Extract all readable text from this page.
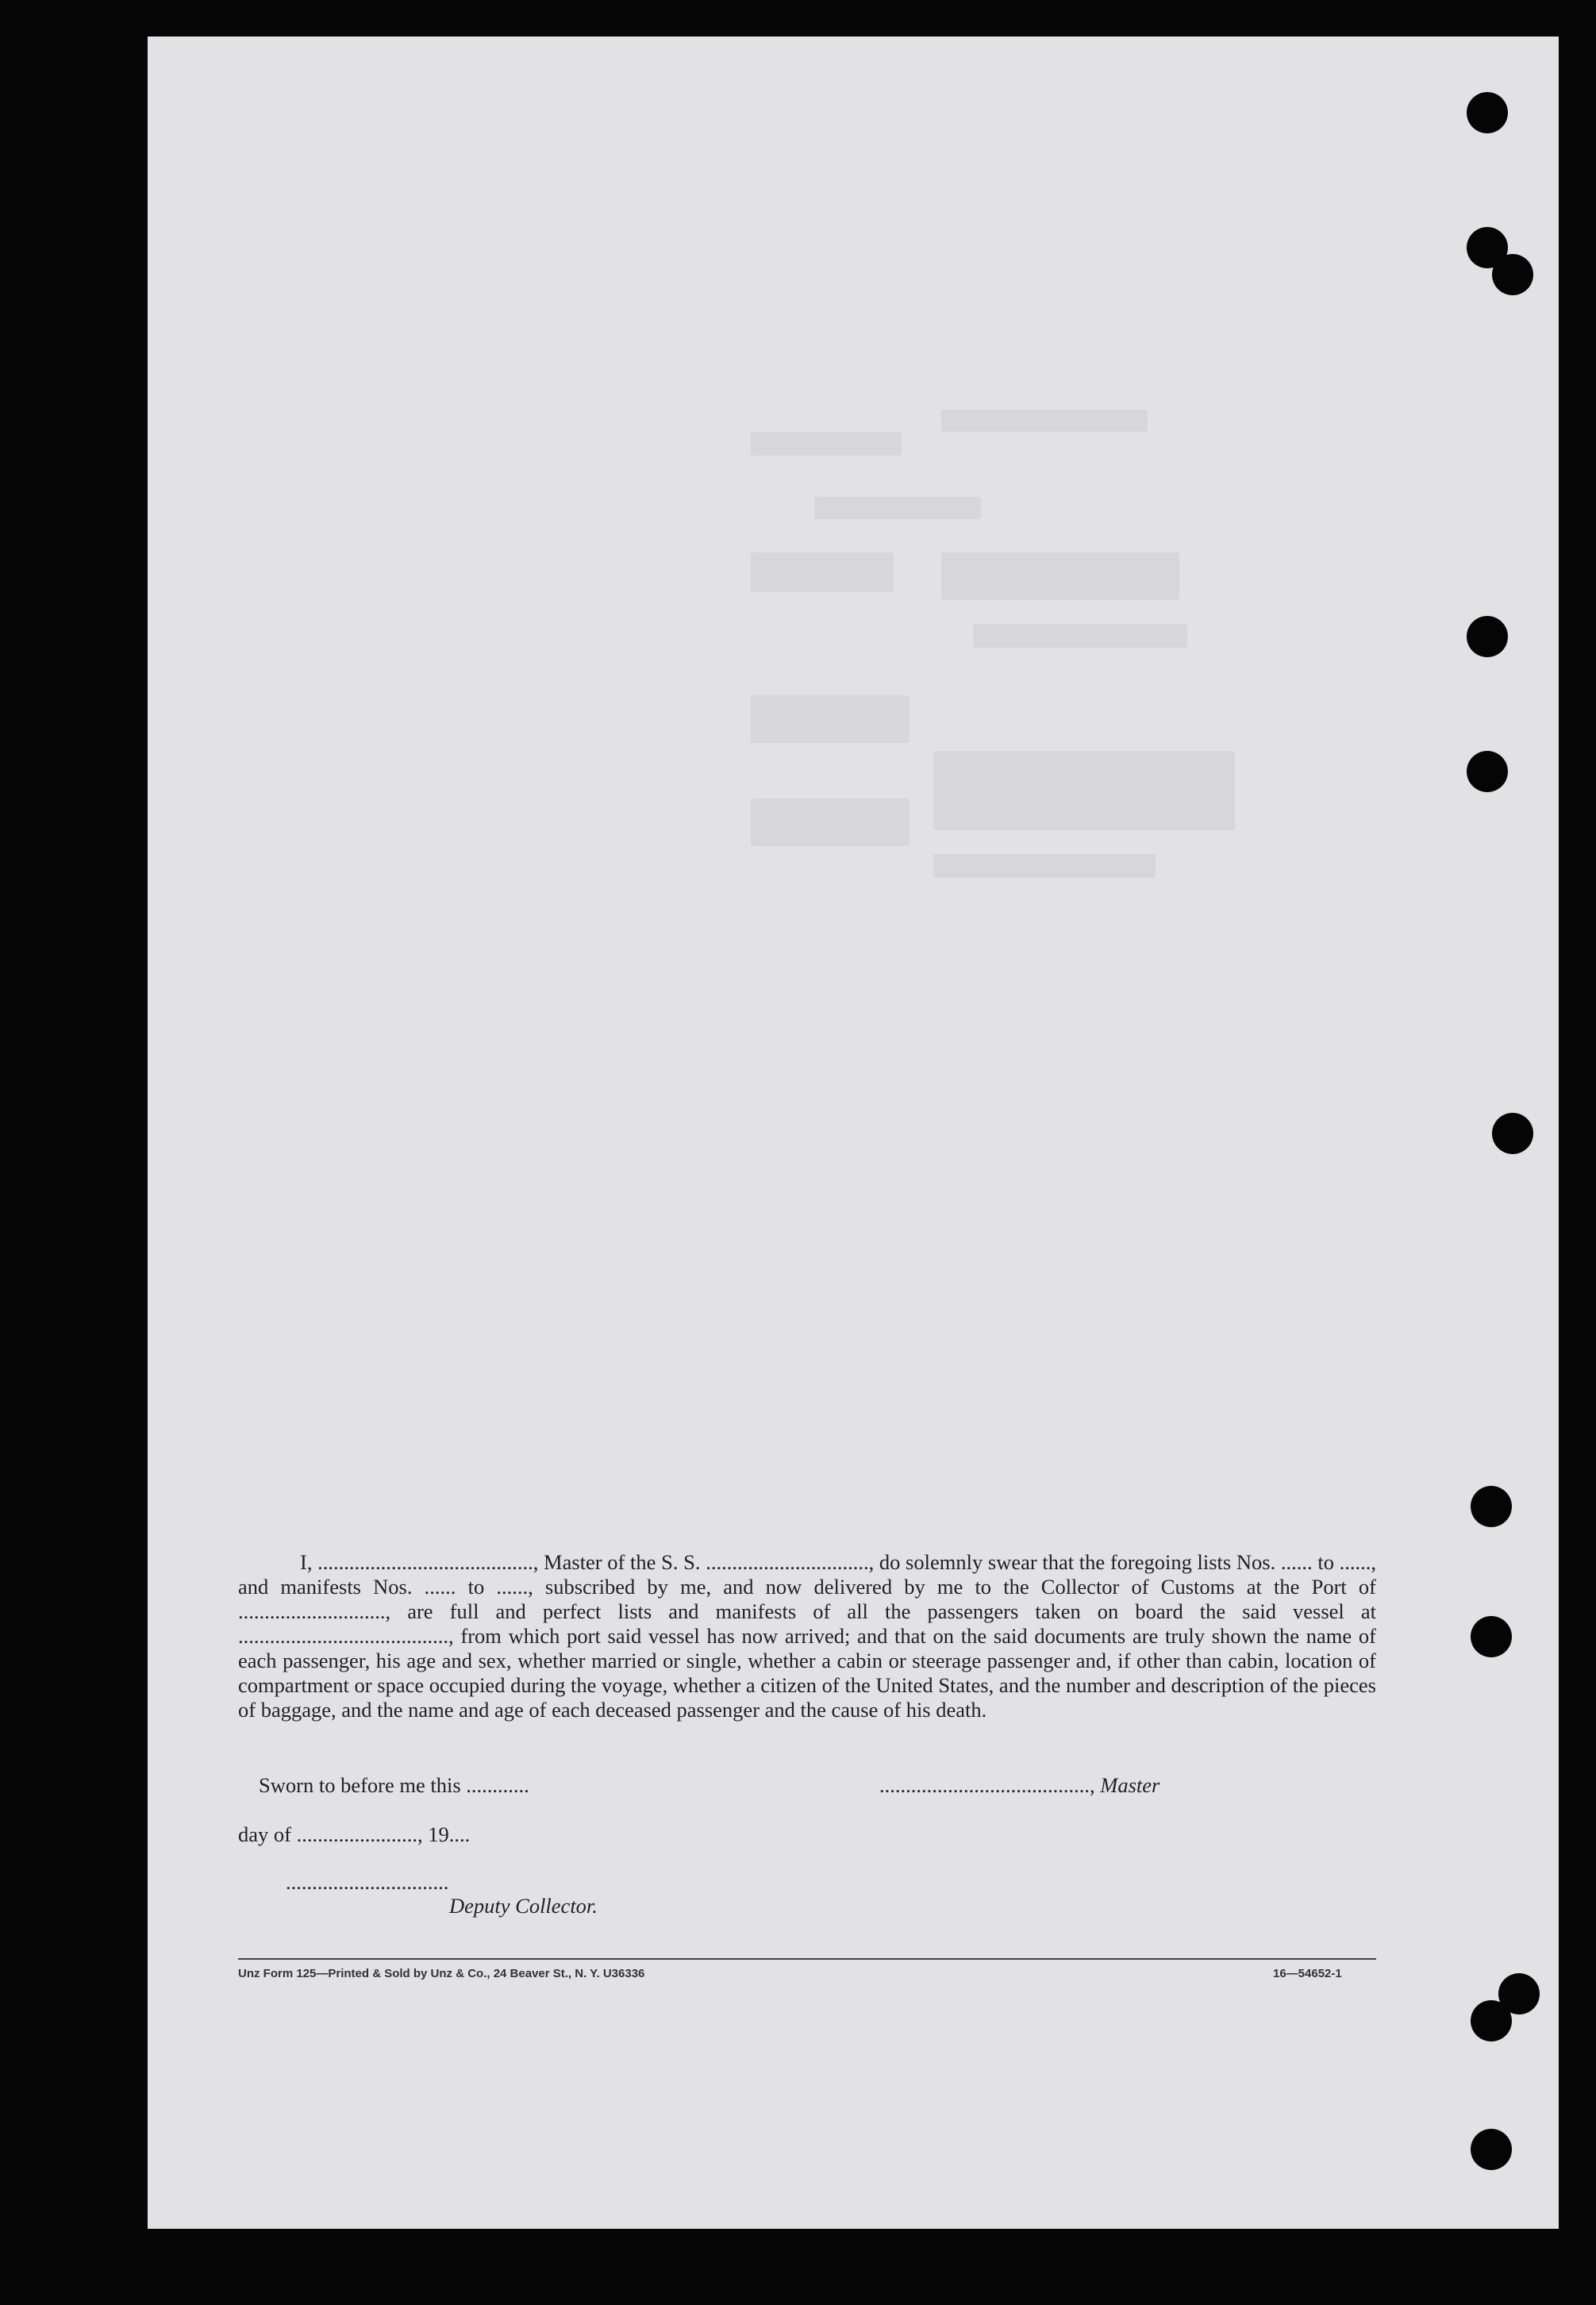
I, ........................................., Master of the S. S. ..............................., do solemnly swear that the foregoing lists Nos. ...... to ......, and manifests Nos. ...... to ......, subscribed by me, and now delivered by me to the Collector of Customs at the Port of ............................, are full and perfect lists and manifests of all the passengers taken on board the said vessel at ........................................, from which port said vessel has now arrived; and that on the said documents are truly shown the name of each passenger, his age and sex, whether married or single, whether a cabin or steerage passenger and, if other than cabin, location of compartment or space occupied during the voyage, whether a citizen of the United States, and the number and description of the pieces of baggage, and the name and age of each deceased passenger and the cause of his death.

Sworn to before me this ............	........................................, Master
day of ......................., 19....
...............................
Deputy Collector.
Unz Form 125—Printed & Sold by Unz & Co., 24 Beaver St., N. Y. U36336	16—54652-1
